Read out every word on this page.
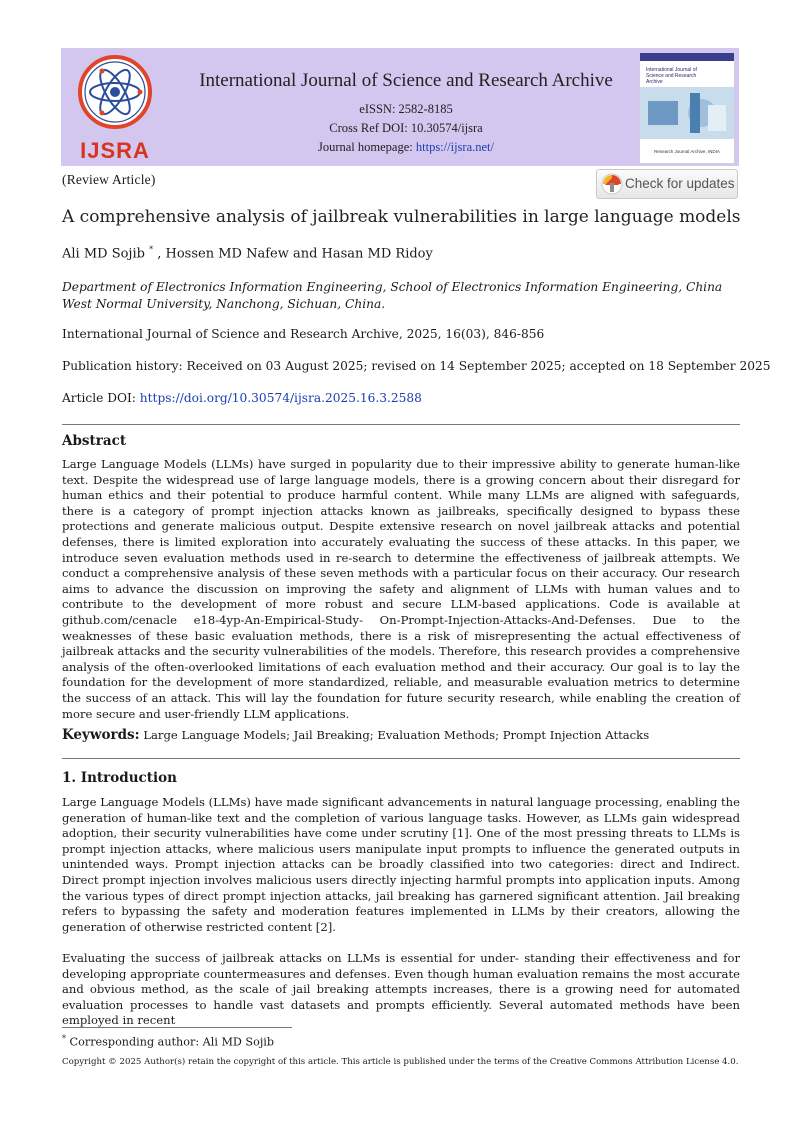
IJSRA
International Journal of Science and Research Archive
eISSN: 2582-8185
Cross Ref DOI: 10.30574/ijsra
Journal homepage: https://ijsra.net/
International Journal of Science and Research Archive
Research Journal Archive, INDIA
(Review Article)	Check for updates
A comprehensive analysis of jailbreak vulnerabilities in large language models
Ali MD Sojib * , Hossen MD Nafew and Hasan MD Ridoy
Department of Electronics Information Engineering, School of Electronics Information Engineering, China West Normal University, Nanchong, Sichuan, China.
International Journal of Science and Research Archive, 2025, 16(03), 846-856
Publication history: Received on 03 August 2025; revised on 14 September 2025; accepted on 18 September 2025
Article DOI: https://doi.org/10.30574/ijsra.2025.16.3.2588
Abstract
Large Language Models (LLMs) have surged in popularity due to their impressive ability to generate human-like text. Despite the widespread use of large language models, there is a growing concern about their disregard for human ethics and their potential to produce harmful content. While many LLMs are aligned with safeguards, there is a category of prompt injection attacks known as jailbreaks, specifically designed to bypass these protections and generate malicious output. Despite extensive research on novel jailbreak attacks and potential defenses, there is limited exploration into accurately evaluating the success of these attacks. In this paper, we introduce seven evaluation methods used in re-search to determine the effectiveness of jailbreak attempts. We conduct a comprehensive analysis of these seven methods with a particular focus on their accuracy. Our research aims to advance the discussion on improving the safety and alignment of LLMs with human values and to contribute to the development of more robust and secure LLM-based applications. Code is available at github.com/cenacle e18-4yp-An-Empirical-Study- On-Prompt-Injection-Attacks-And-Defenses. Due to the weaknesses of these basic evaluation methods, there is a risk of misrepresenting the actual effectiveness of jailbreak attacks and the security vulnerabilities of the models. Therefore, this research provides a comprehensive analysis of the often-overlooked limitations of each evaluation method and their accuracy. Our goal is to lay the foundation for the development of more standardized, reliable, and measurable evaluation metrics to determine the success of an attack. This will lay the foundation for future security research, while enabling the creation of more secure and user-friendly LLM applications.
Keywords: Large Language Models; Jail Breaking; Evaluation Methods; Prompt Injection Attacks
1. Introduction
Large Language Models (LLMs) have made significant advancements in natural language processing, enabling the generation of human-like text and the completion of various language tasks. However, as LLMs gain widespread adoption, their security vulnerabilities have come under scrutiny [1]. One of the most pressing threats to LLMs is prompt injection attacks, where malicious users manipulate input prompts to influence the generated outputs in unintended ways. Prompt injection attacks can be broadly classified into two categories: direct and Indirect. Direct prompt injection involves malicious users directly injecting harmful prompts into application inputs. Among the various types of direct prompt injection attacks, jail breaking has garnered significant attention. Jail breaking refers to bypassing the safety and moderation features implemented in LLMs by their creators, allowing the generation of otherwise restricted content [2].
Evaluating the success of jailbreak attacks on LLMs is essential for under- standing their effectiveness and for developing appropriate countermeasures and defenses. Even though human evaluation remains the most accurate and obvious method, as the scale of jail breaking attempts increases, there is a growing need for automated evaluation processes to handle vast datasets and prompts efficiently. Several automated methods have been employed in recent
* Corresponding author: Ali MD Sojib
Copyright © 2025 Author(s) retain the copyright of this article. This article is published under the terms of the Creative Commons Attribution License 4.0.
